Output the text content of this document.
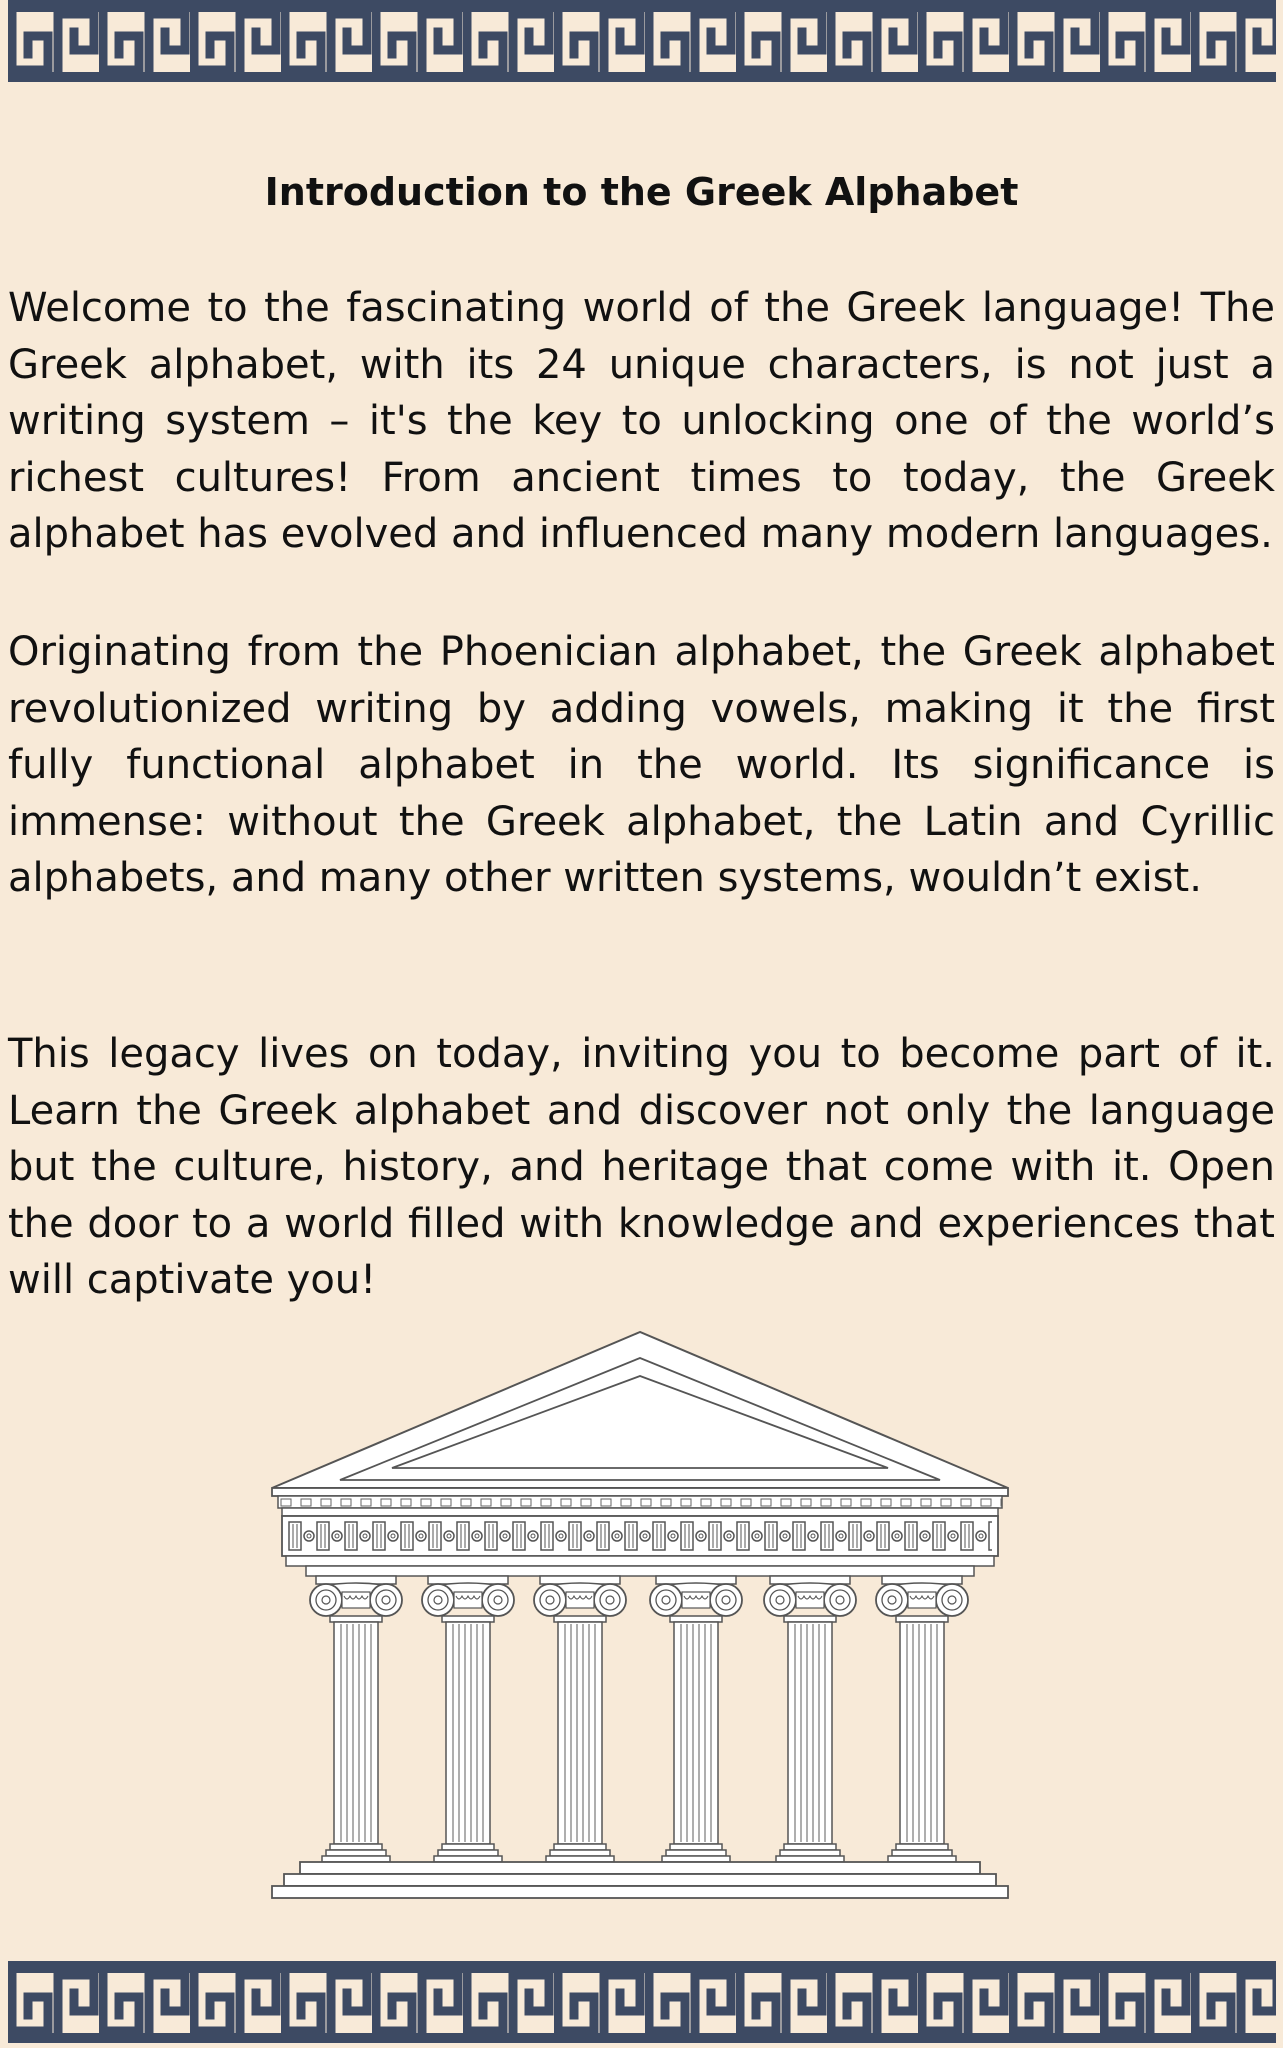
Introduction to the Greek Alphabet

Welcome to the fascinating world of the Greek language! The Greek alphabet, with its 24 unique characters, is not just a writing system – it's the key to unlocking one of the world’s richest cultures! From ancient times to today, the Greek alphabet has evolved and influenced many modern languages.

Originating from the Phoenician alphabet, the Greek alphabet revolutionized writing by adding vowels, making it the first fully functional alphabet in the world. Its significance is immense: without the Greek alphabet, the Latin and Cyrillic alphabets, and many other written systems, wouldn’t exist.

This legacy lives on today, inviting you to become part of it. Learn the Greek alphabet and discover not only the language but the culture, history, and heritage that come with it. Open the door to a world filled with knowledge and experiences that will captivate you!
